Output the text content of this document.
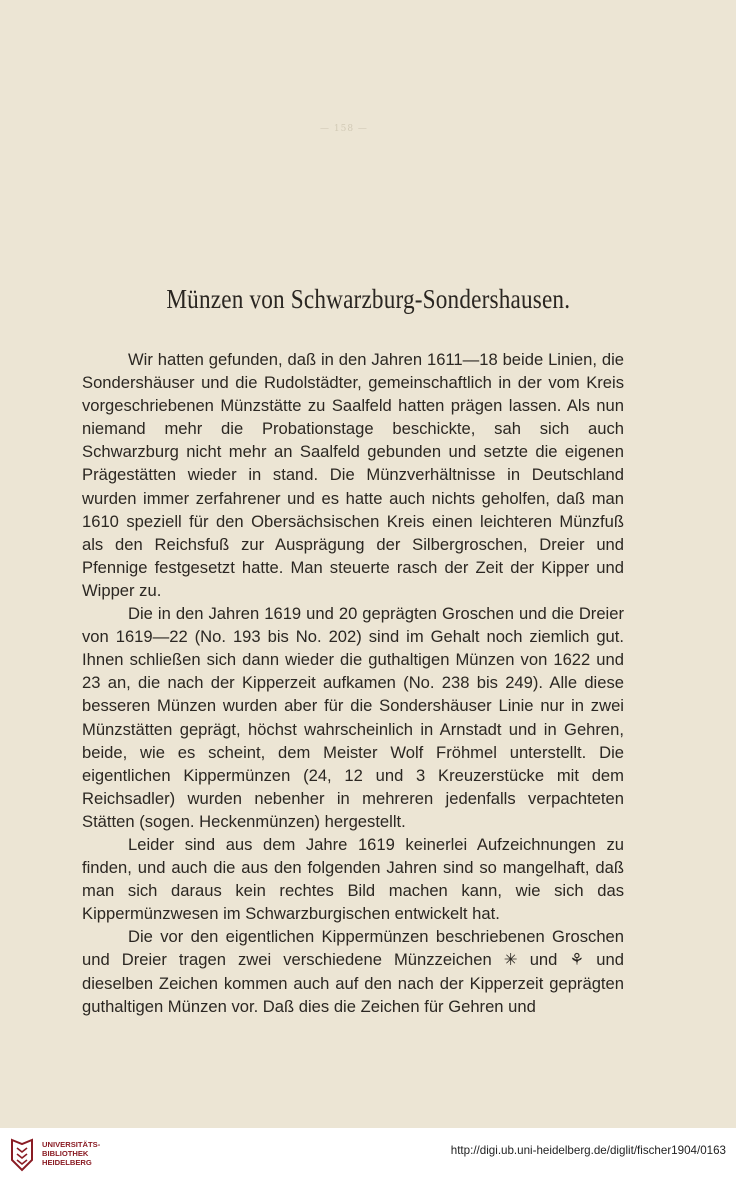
— 158 —
Münzen von Schwarzburg-Sondershausen.

Wir hatten gefunden, daß in den Jahren 1611—18 beide Linien, die Sondershäuser und die Rudolstädter, gemeinschaftlich in der vom Kreis vorgeschriebenen Münzstätte zu Saalfeld hatten prägen lassen. Als nun niemand mehr die Probationstage beschickte, sah sich auch Schwarzburg nicht mehr an Saalfeld gebunden und setzte die eigenen Prägestätten wieder in stand. Die Münzverhältnisse in Deutschland wurden immer zerfahrener und es hatte auch nichts geholfen, daß man 1610 speziell für den Obersächsischen Kreis einen leichteren Münzfuß als den Reichsfuß zur Ausprägung der Silbergroschen, Dreier und Pfennige festgesetzt hatte. Man steuerte rasch der Zeit der Kipper und Wipper zu.

Die in den Jahren 1619 und 20 geprägten Groschen und die Dreier von 1619—22 (No. 193 bis No. 202) sind im Gehalt noch ziemlich gut. Ihnen schließen sich dann wieder die guthaltigen Münzen von 1622 und 23 an, die nach der Kipperzeit aufkamen (No. 238 bis 249). Alle diese besseren Münzen wurden aber für die Sondershäuser Linie nur in zwei Münzstätten geprägt, höchst wahrscheinlich in Arnstadt und in Gehren, beide, wie es scheint, dem Meister Wolf Fröhmel unterstellt. Die eigentlichen Kippermünzen (24, 12 und 3 Kreuzerstücke mit dem Reichsadler) wurden nebenher in mehreren jedenfalls verpachteten Stätten (sogen. Heckenmünzen) hergestellt.

Leider sind aus dem Jahre 1619 keinerlei Aufzeichnungen zu finden, und auch die aus den folgenden Jahren sind so mangelhaft, daß man sich daraus kein rechtes Bild machen kann, wie sich das Kippermünzwesen im Schwarzburgischen entwickelt hat.

Die vor den eigentlichen Kippermünzen beschriebenen Groschen und Dreier tragen zwei verschiedene Münzzeichen ✳ und ⚘ und dieselben Zeichen kommen auch auf den nach der Kipperzeit geprägten guthaltigen Münzen vor. Daß dies die Zeichen für Gehren und

UNIVERSITÄTS-
BIBLIOTHEK
HEIDELBERG
http://digi.ub.uni-heidelberg.de/diglit/fischer1904/0163
